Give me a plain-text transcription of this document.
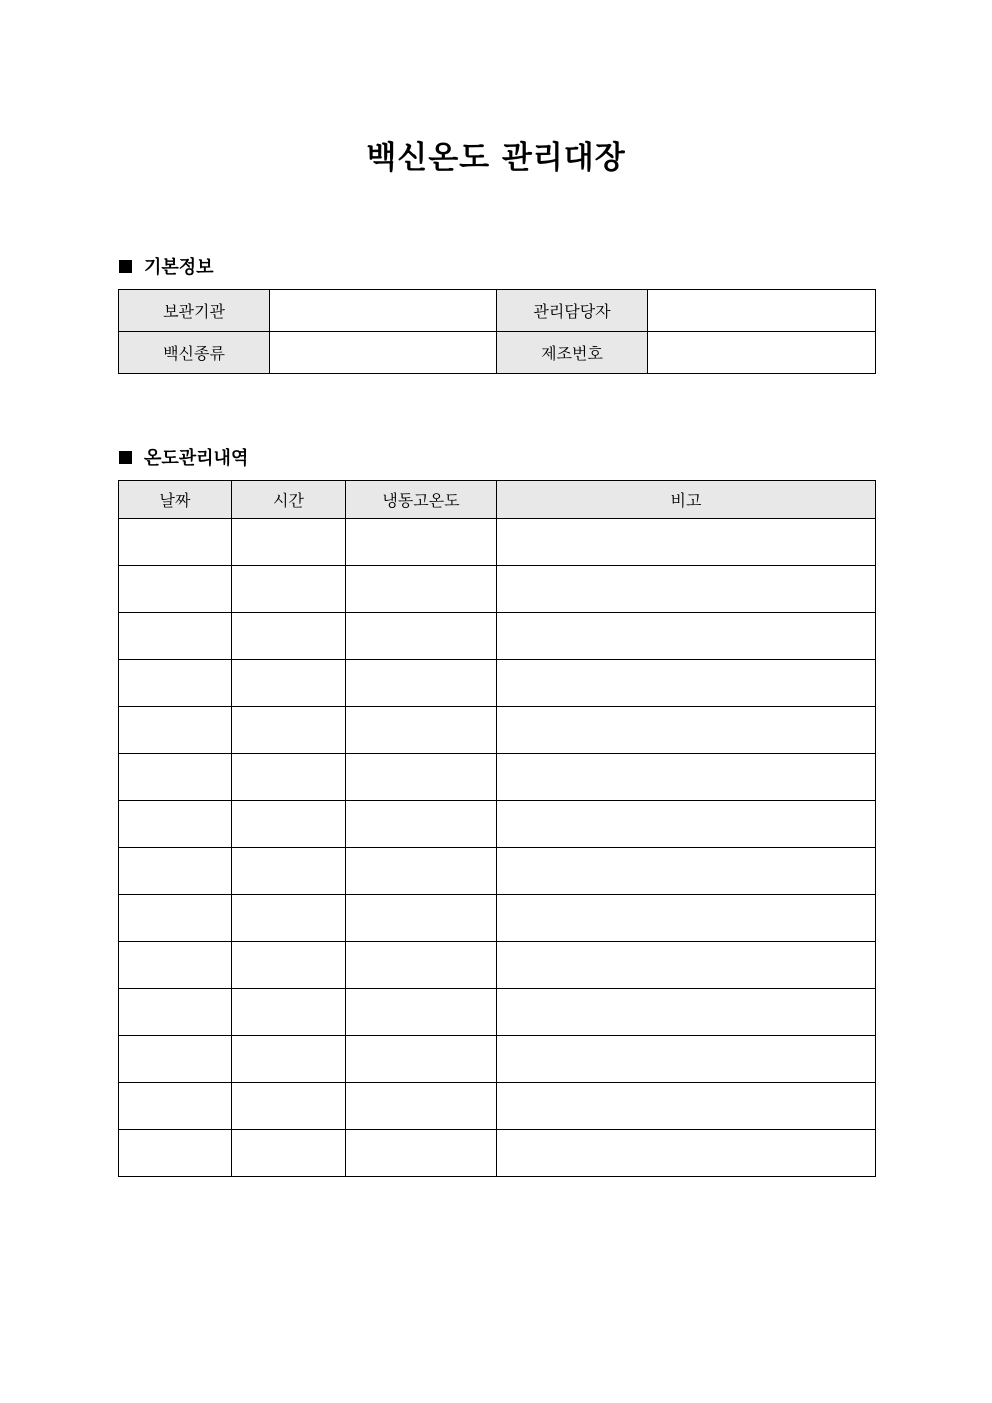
백신온도 관리대장
기본정보
보관기관		관리담당자	
백신종류		제조번호	
온도관리내역
날짜	시간	냉동고온도	비고
